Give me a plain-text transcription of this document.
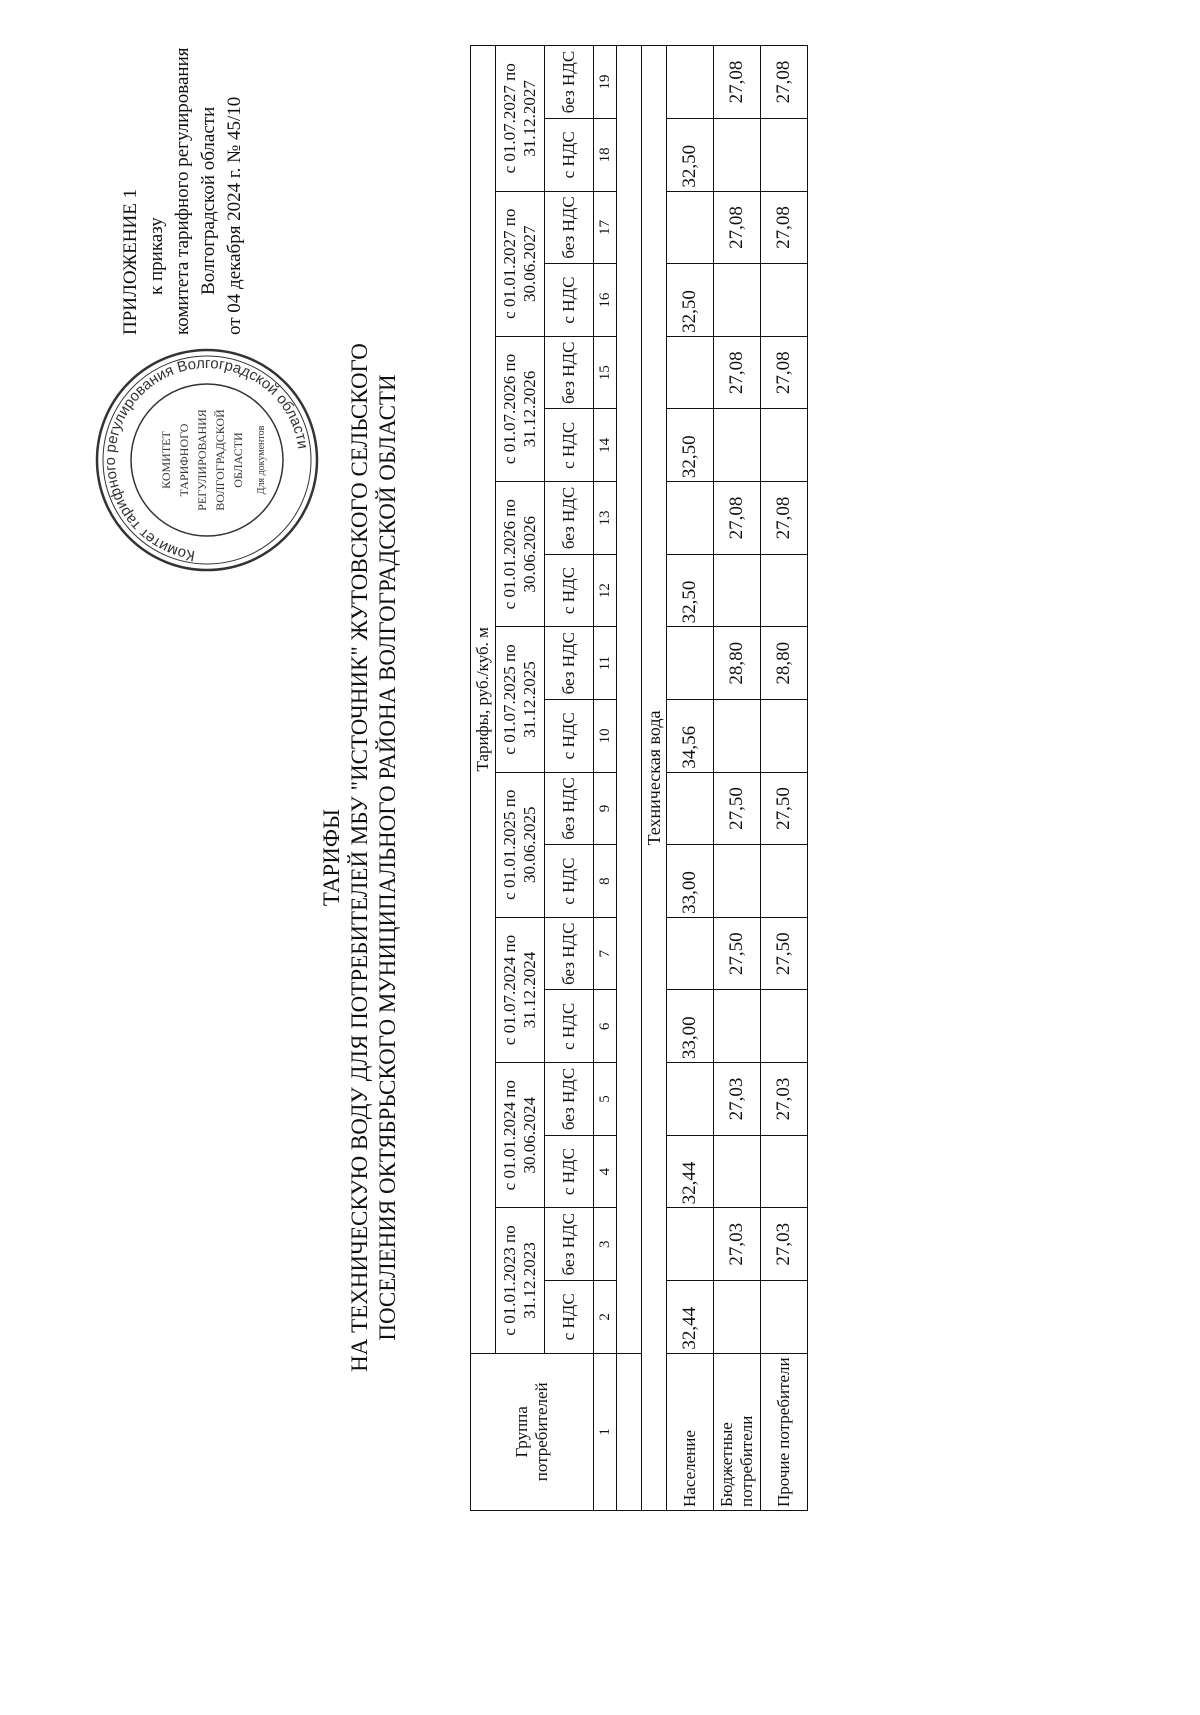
ПРИЛОЖЕНИЕ 1 к приказу комитета тарифного регулирования Волгоградской области от 04 декабря 2024 г. № 45/10
Комитет тарифного регулирования Волгоградской области
КОМИТЕТ ТАРИФНОГО РЕГУЛИРОВАНИЯ ВОЛГОГРАДСКОЙ ОБЛАСТИ Для документов
ТАРИФЫ НА ТЕХНИЧЕСКУЮ ВОДУ ДЛЯ ПОТРЕБИТЕЛЕЙ МБУ "ИСТОЧНИК" ЖУТОВСКОГО СЕЛЬСКОГО ПОСЕЛЕНИЯ ОКТЯБРЬСКОГО МУНИЦИПАЛЬНОГО РАЙОНА ВОЛГОГРАДСКОЙ ОБЛАСТИ
Группа потребителей	Тарифы, руб./куб. м																	
	с 01.01.2023 по 31.12.2023		с 01.01.2024 по 30.06.2024		с 01.07.2024 по 31.12.2024		с 01.01.2025 по 30.06.2025		с 01.07.2025 по 31.12.2025		с 01.01.2026 по 30.06.2026		с 01.07.2026 по 31.12.2026		с 01.01.2027 по 30.06.2027		с 01.07.2027 по 31.12.2027	
	с НДС	без НДС	с НДС	без НДС	с НДС	без НДС	с НДС	без НДС	с НДС	без НДС	с НДС	без НДС	с НДС	без НДС	с НДС	без НДС	с НДС	без НДС
1	2	3	4	5	6	7	8	9	10	11	12	13	14	15	16	17	18	19

Техническая вода																		
Население	32,44		32,44		33,00		33,00		34,56		32,50		32,50		32,50		32,50	
Бюджетные потребители		27,03		27,03		27,50		27,50		28,80		27,08		27,08		27,08		27,08
Прочие потребители		27,03		27,03		27,50		27,50		28,80		27,08		27,08		27,08		27,08
